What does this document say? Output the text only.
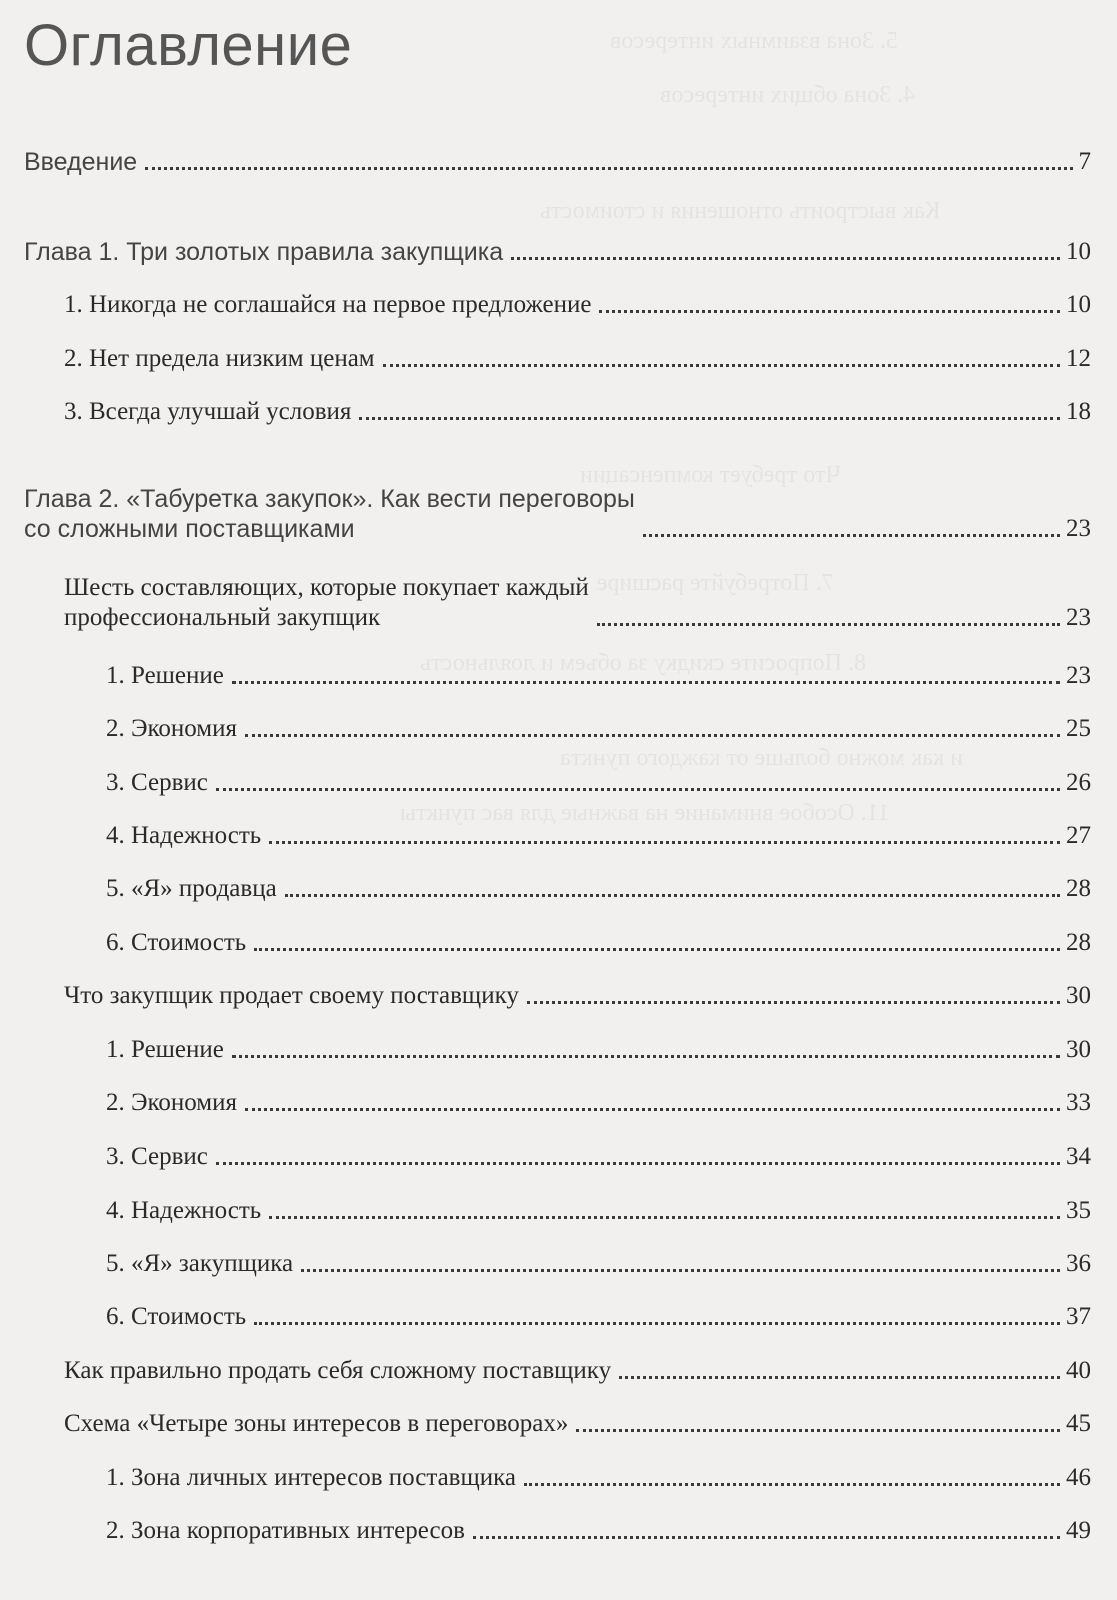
5. Зона взаимных интересов
4. Зона общих интересов
Как выстроить отношения и стоимость
Что требует компенсации
7. Потребуйте расширения
8. Попросите скидку за объем и лояльность
и как можно больше от каждого пункта
11. Особое внимание на важные для вас пункты
Оглавление
Введение	7
Глава 1. Три золотых правила закупщика	10
1. Никогда не соглашайся на первое предложение	10
2. Нет предела низким ценам	12
3. Всегда улучшай условия	18
Глава 2. «Табуретка закупок». Как вести переговоры
со сложными поставщиками	23
Шесть составляющих, которые покупает каждый
профессиональный закупщик	23
1. Решение	23
2. Экономия	25
3. Сервис	26
4. Надежность	27
5. «Я» продавца	28
6. Стоимость	28
Что закупщик продает своему поставщику	30
1. Решение	30
2. Экономия	33
3. Сервис	34
4. Надежность	35
5. «Я» закупщика	36
6. Стоимость	37
Как правильно продать себя сложному поставщику	40
Схема «Четыре зоны интересов в переговорах»	45
1. Зона личных интересов поставщика	46
2. Зона корпоративных интересов	49
